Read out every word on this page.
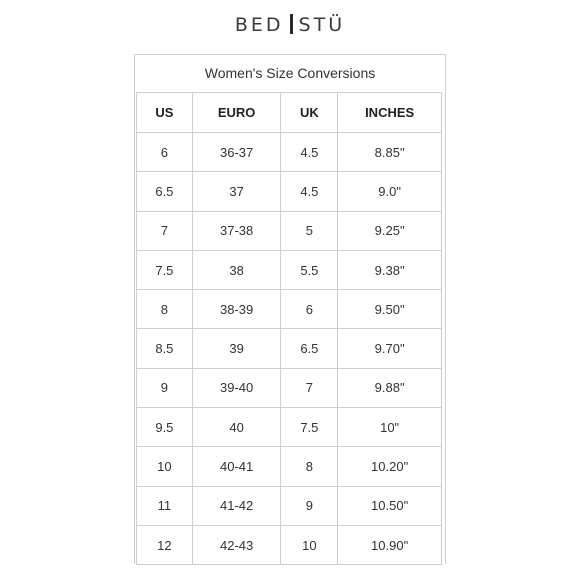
BED STÜ
Women's Size Conversions
US	EURO	UK	INCHES
6	36-37	4.5	8.85"
6.5	37	4.5	9.0"
7	37-38	5	9.25"
7.5	38	5.5	9.38"
8	38-39	6	9.50"
8.5	39	6.5	9.70"
9	39-40	7	9.88"
9.5	40	7.5	10"
10	40-41	8	10.20"
11	41-42	9	10.50"
12	42-43	10	10.90"
